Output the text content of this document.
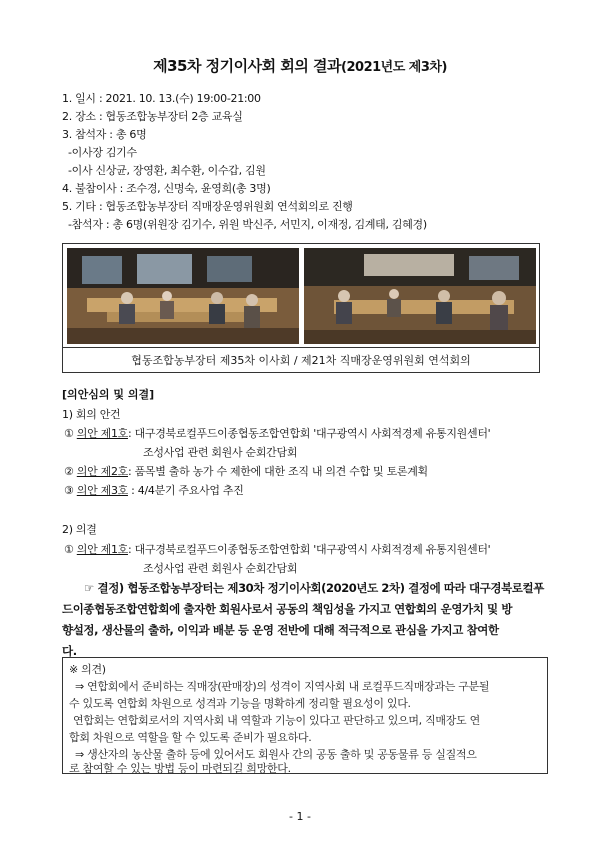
제35차 정기이사회 회의 결과(2021년도 제3차)
1. 일시 : 2021. 10. 13.(수) 19:00-21:00
2. 장소 : 협동조합농부장터 2층 교육실
3. 참석자 : 총 6명
-이사장 김기수
-이사 신상균, 장영환, 최수환, 이수갑, 김원
4. 불참이사 : 조수경, 신명숙, 윤영희(총 3명)
5. 기타 : 협동조합농부장터 직매장운영위원회 연석회의로 진행
-참석자 : 총 6명(위원장 김기수, 위원 박신주, 서민지, 이재정, 김계태, 김혜경)
협동조합농부장터 제35차 이사회 / 제21차 직매장운영위원회 연석회의
[의안심의 및 의결]
1) 회의 안건
① 의안 제1호: 대구경북로컬푸드이종협동조합연합회 '대구광역시 사회적경제 유통지원센터'
조성사업 관련 회원사 순회간담회
② 의안 제2호: 품목별 출하 농가 수 제한에 대한 조직 내 의견 수합 및 토론계획
③ 의안 제3호 : 4/4분기 주요사업 추진
2) 의결
① 의안 제1호: 대구경북로컬푸드이종협동조합연합회 '대구광역시 사회적경제 유통지원센터'
조성사업 관련 회원사 순회간담회
☞ 결정) 협동조합농부장터는 제30차 정기이사회(2020년도 2차) 결정에 따라 대구경북로컬푸
드이종협동조합연합회에 출자한 회원사로서 공동의 책임성을 가지고 연합회의 운영가치 및 방
향설정, 생산물의 출하, 이익과 배분 등 운영 전반에 대해 적극적으로 관심을 가지고 참여한
다.
※ 의견)
⇒ 연합회에서 준비하는 직매장(판매장)의 성격이 지역사회 내 로컬푸드직매장과는 구분될
수 있도록 연합회 차원으로 성격과 기능을 명확하게 정리할 필요성이 있다.
연합회는 연합회로서의 지역사회 내 역할과 기능이 있다고 판단하고 있으며, 직매장도 연
합회 차원으로 역할을 할 수 있도록 준비가 필요하다.
⇒ 생산자의 농산물 출하 등에 있어서도 회원사 간의 공동 출하 및 공동물류 등 실질적으
로 참여할 수 있는 방법 등이 마련되길 희망한다.
- 1 -
